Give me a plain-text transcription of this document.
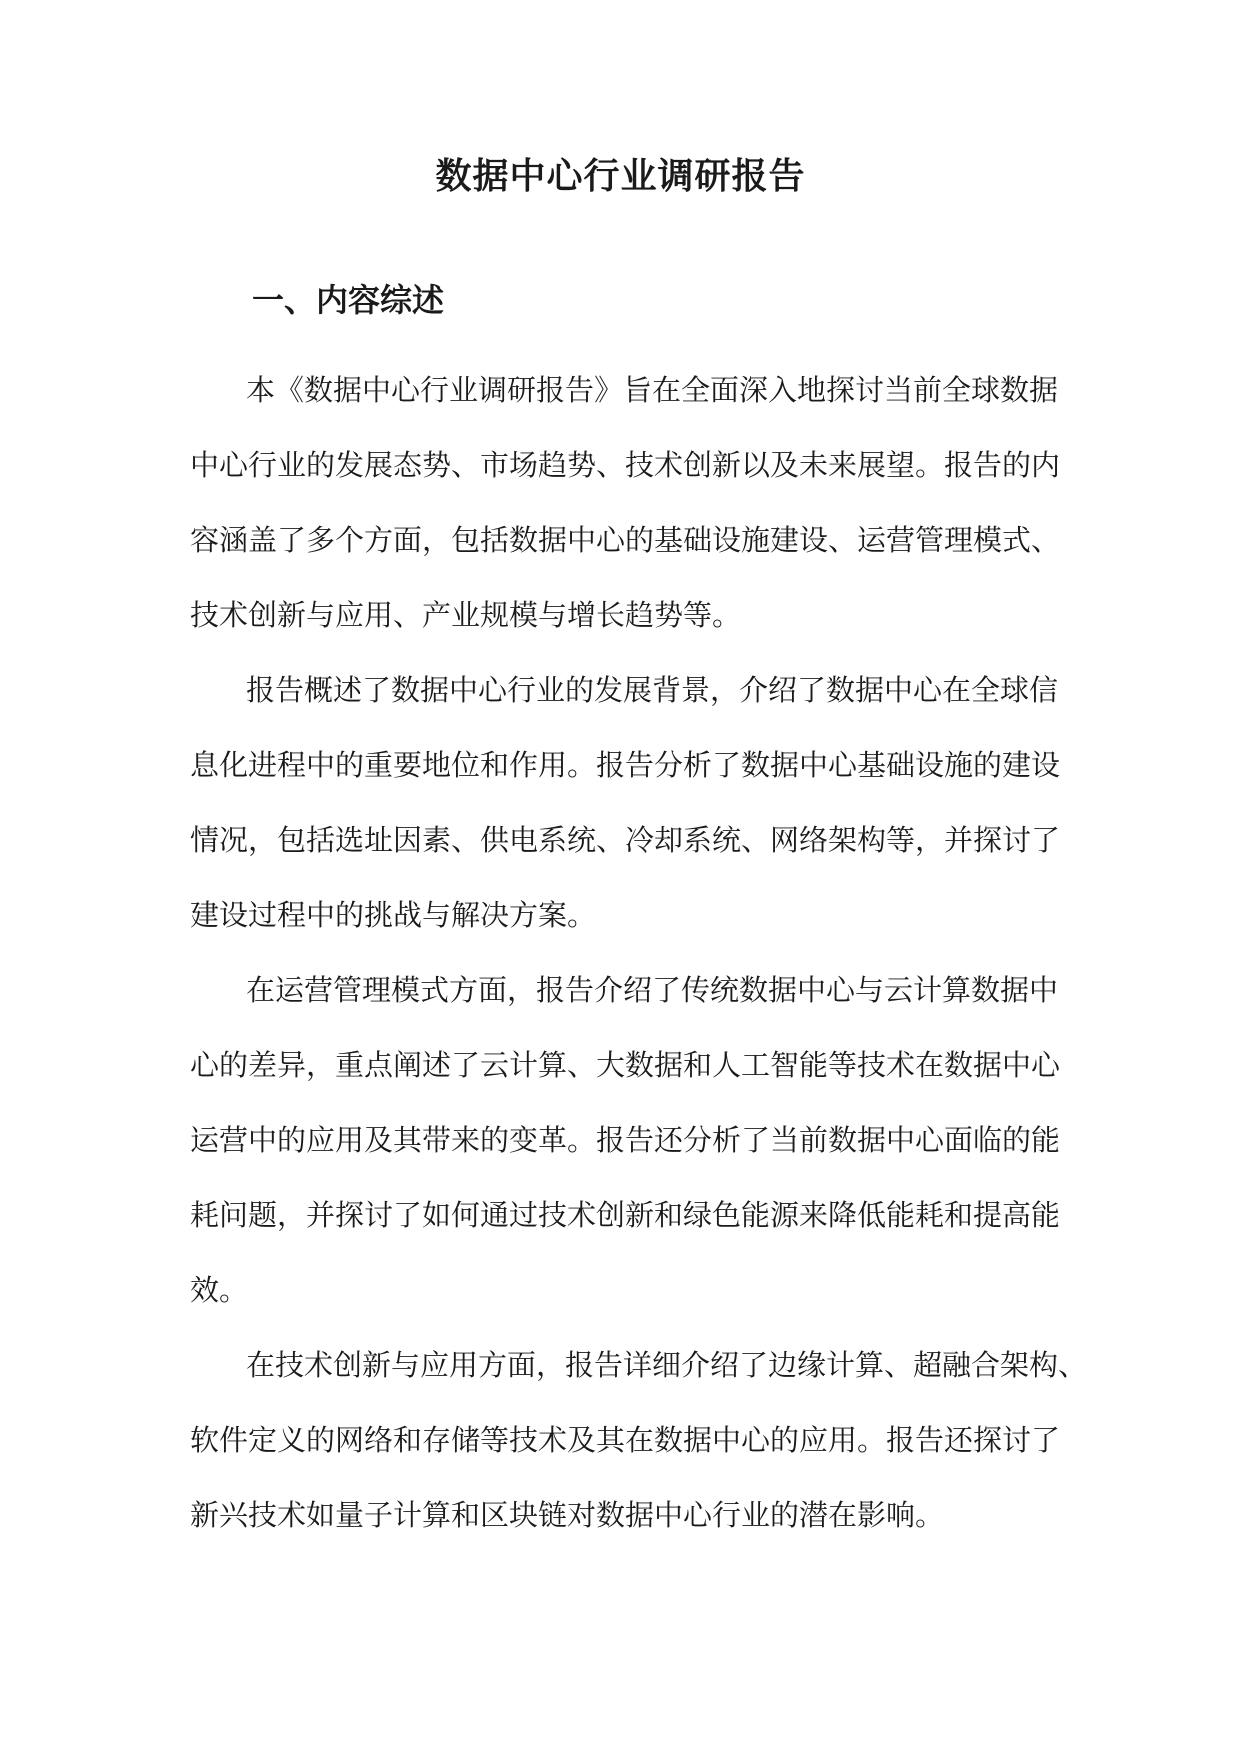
数据中心行业调研报告
一、内容综述

本《数据中心行业调研报告》旨在全面深入地探讨当前全球数据

中心行业的发展态势、市场趋势、技术创新以及未来展望。报告的内

容涵盖了多个方面，包括数据中心的基础设施建设、运营管理模式、

技术创新与应用、产业规模与增长趋势等。

报告概述了数据中心行业的发展背景，介绍了数据中心在全球信

息化进程中的重要地位和作用。报告分析了数据中心基础设施的建设

情况，包括选址因素、供电系统、冷却系统、网络架构等，并探讨了

建设过程中的挑战与解决方案。

在运营管理模式方面，报告介绍了传统数据中心与云计算数据中

心的差异，重点阐述了云计算、大数据和人工智能等技术在数据中心

运营中的应用及其带来的变革。报告还分析了当前数据中心面临的能

耗问题，并探讨了如何通过技术创新和绿色能源来降低能耗和提高能

效。

在技术创新与应用方面，报告详细介绍了边缘计算、超融合架构、

软件定义的网络和存储等技术及其在数据中心的应用。报告还探讨了

新兴技术如量子计算和区块链对数据中心行业的潜在影响。
